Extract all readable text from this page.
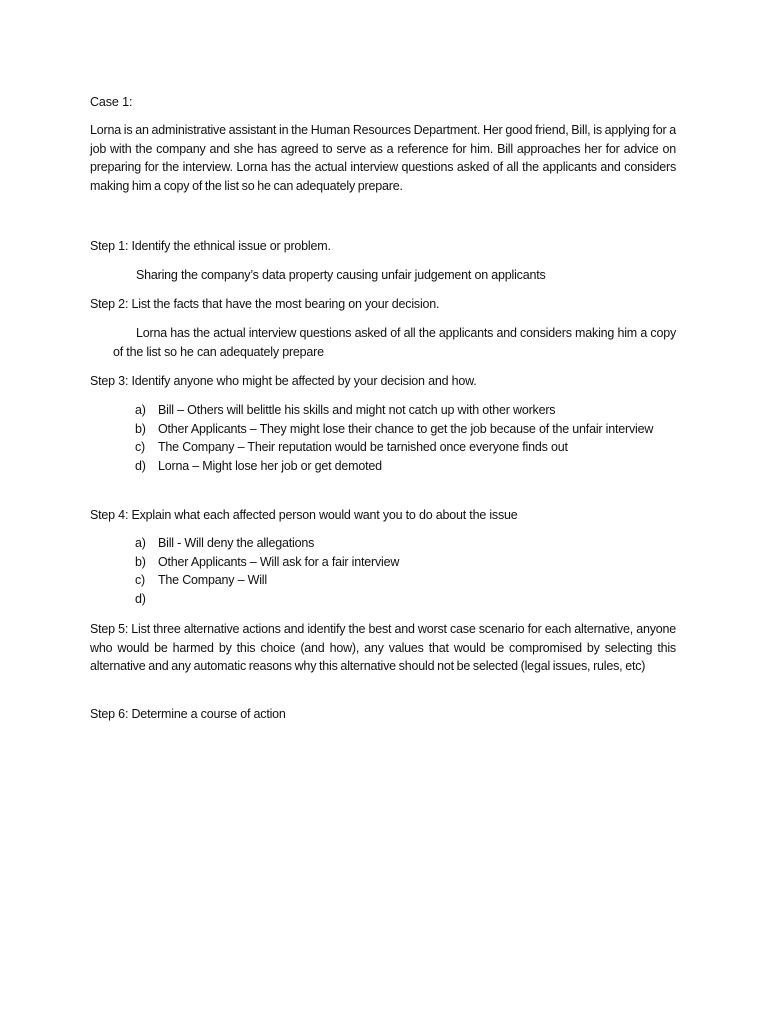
Case 1:
Lorna is an administrative assistant in the Human Resources Department. Her good friend, Bill, is applying for a job with the company and she has agreed to serve as a reference for him. Bill approaches her for advice on preparing for the interview. Lorna has the actual interview questions asked of all the applicants and considers making him a copy of the list so he can adequately prepare.
Step 1: Identify the ethnical issue or problem.
Sharing the company’s data property causing unfair judgement on applicants
Step 2: List the facts that have the most bearing on your decision.
Lorna has the actual interview questions asked of all the applicants and considers making him a copy of the list so he can adequately prepare
Step 3: Identify anyone who might be affected by your decision and how.
a) Bill – Others will belittle his skills and might not catch up with other workers
b) Other Applicants – They might lose their chance to get the job because of the unfair interview
c) The Company – Their reputation would be tarnished once everyone finds out
d) Lorna – Might lose her job or get demoted
Step 4: Explain what each affected person would want you to do about the issue
a) Bill - Will deny the allegations
b) Other Applicants – Will ask for a fair interview
c) The Company – Will
d)
Step 5: List three alternative actions and identify the best and worst case scenario for each alternative, anyone who would be harmed by this choice (and how), any values that would be compromised by selecting this alternative and any automatic reasons why this alternative should not be selected (legal issues, rules, etc)
Step 6: Determine a course of action
